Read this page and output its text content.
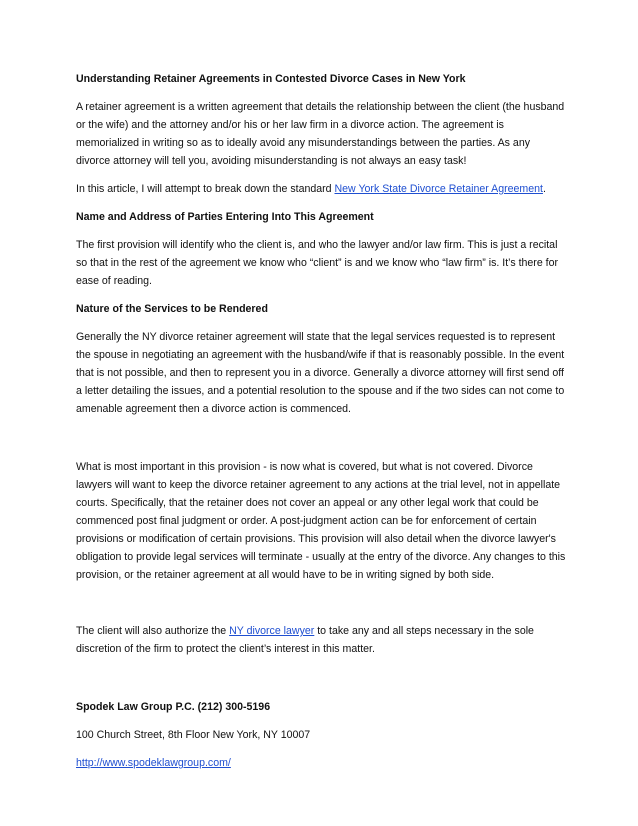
Understanding Retainer Agreements in Contested Divorce Cases in New York

A retainer agreement is a written agreement that details the relationship between the client (the husband or the wife) and the attorney and/or his or her law firm in a divorce action. The agreement is memorialized in writing so as to ideally avoid any misunderstandings between the parties. As any divorce attorney will tell you, avoiding misunderstanding is not always an easy task!

In this article, I will attempt to break down the standard New York State Divorce Retainer Agreement.

Name and Address of Parties Entering Into This Agreement

The first provision will identify who the client is, and who the lawyer and/or law firm. This is just a recital so that in the rest of the agreement we know who “client” is and we know who “law firm” is. It’s there for ease of reading.

Nature of the Services to be Rendered

Generally the NY divorce retainer agreement will state that the legal services requested is to represent the spouse in negotiating an agreement with the husband/wife if that is reasonably possible. In the event that is not possible, and then to represent you in a divorce. Generally a divorce attorney will first send off a letter detailing the issues, and a potential resolution to the spouse and if the two sides can not come to amenable agreement then a divorce action is commenced.

What is most important in this provision - is now what is covered, but what is not covered. Divorce lawyers will want to keep the divorce retainer agreement to any actions at the trial level, not in appellate courts. Specifically, that the retainer does not cover an appeal or any other legal work that could be commenced post final judgment or order. A post-judgment action can be for enforcement of certain provisions or modification of certain provisions. This provision will also detail when the divorce lawyer's obligation to provide legal services will terminate - usually at the entry of the divorce. Any changes to this provision, or the retainer agreement at all would have to be in writing signed by both side.

The client will also authorize the NY divorce lawyer to take any and all steps necessary in the sole discretion of the firm to protect the client’s interest in this matter.

Spodek Law Group P.C. (212) 300-5196

100 Church Street, 8th Floor New York, NY 10007

http://www.spodeklawgroup.com/
